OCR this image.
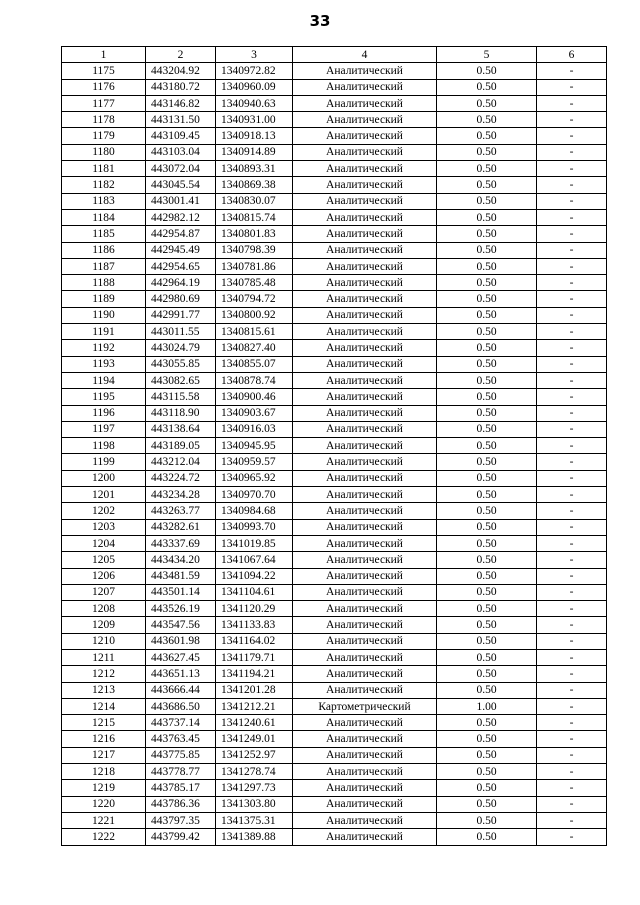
33
1	2	3	4	5	6
1175	443204.92	1340972.82	Аналитический	0.50	-
1176	443180.72	1340960.09	Аналитический	0.50	-
1177	443146.82	1340940.63	Аналитический	0.50	-
1178	443131.50	1340931.00	Аналитический	0.50	-
1179	443109.45	1340918.13	Аналитический	0.50	-
1180	443103.04	1340914.89	Аналитический	0.50	-
1181	443072.04	1340893.31	Аналитический	0.50	-
1182	443045.54	1340869.38	Аналитический	0.50	-
1183	443001.41	1340830.07	Аналитический	0.50	-
1184	442982.12	1340815.74	Аналитический	0.50	-
1185	442954.87	1340801.83	Аналитический	0.50	-
1186	442945.49	1340798.39	Аналитический	0.50	-
1187	442954.65	1340781.86	Аналитический	0.50	-
1188	442964.19	1340785.48	Аналитический	0.50	-
1189	442980.69	1340794.72	Аналитический	0.50	-
1190	442991.77	1340800.92	Аналитический	0.50	-
1191	443011.55	1340815.61	Аналитический	0.50	-
1192	443024.79	1340827.40	Аналитический	0.50	-
1193	443055.85	1340855.07	Аналитический	0.50	-
1194	443082.65	1340878.74	Аналитический	0.50	-
1195	443115.58	1340900.46	Аналитический	0.50	-
1196	443118.90	1340903.67	Аналитический	0.50	-
1197	443138.64	1340916.03	Аналитический	0.50	-
1198	443189.05	1340945.95	Аналитический	0.50	-
1199	443212.04	1340959.57	Аналитический	0.50	-
1200	443224.72	1340965.92	Аналитический	0.50	-
1201	443234.28	1340970.70	Аналитический	0.50	-
1202	443263.77	1340984.68	Аналитический	0.50	-
1203	443282.61	1340993.70	Аналитический	0.50	-
1204	443337.69	1341019.85	Аналитический	0.50	-
1205	443434.20	1341067.64	Аналитический	0.50	-
1206	443481.59	1341094.22	Аналитический	0.50	-
1207	443501.14	1341104.61	Аналитический	0.50	-
1208	443526.19	1341120.29	Аналитический	0.50	-
1209	443547.56	1341133.83	Аналитический	0.50	-
1210	443601.98	1341164.02	Аналитический	0.50	-
1211	443627.45	1341179.71	Аналитический	0.50	-
1212	443651.13	1341194.21	Аналитический	0.50	-
1213	443666.44	1341201.28	Аналитический	0.50	-
1214	443686.50	1341212.21	Картометрический	1.00	-
1215	443737.14	1341240.61	Аналитический	0.50	-
1216	443763.45	1341249.01	Аналитический	0.50	-
1217	443775.85	1341252.97	Аналитический	0.50	-
1218	443778.77	1341278.74	Аналитический	0.50	-
1219	443785.17	1341297.73	Аналитический	0.50	-
1220	443786.36	1341303.80	Аналитический	0.50	-
1221	443797.35	1341375.31	Аналитический	0.50	-
1222	443799.42	1341389.88	Аналитический	0.50	-
